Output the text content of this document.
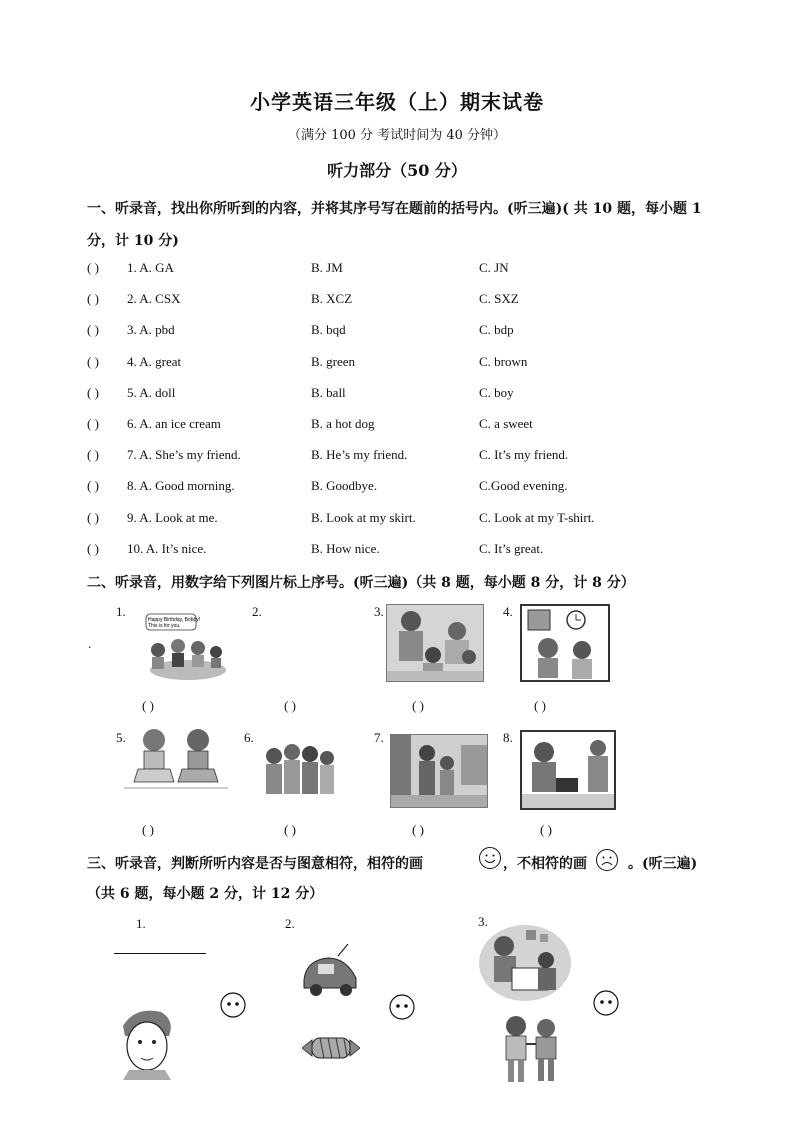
小学英语三年级（上）期末试卷
（满分 100 分 考试时间为 40 分钟）
听力部分（50 分）
一、听录音，找出你所听到的内容，并将其序号写在题前的括号内。(听三遍)( 共 10 题，每小题 1
分，计 10 分)
( ) 1. A. GA	B. JM	C. JN
( ) 2. A. CSX	B. XCZ	C. SXZ
( ) 3. A. pbd	B. bqd	C. bdp
( ) 4. A. great	B. green	C. brown
( ) 5. A. doll	B. ball	C. boy
( ) 6. A. an ice cream	B. a hot dog	C. a sweet
( ) 7. A. She’s my friend.	B. He’s my friend.	C. It’s my friend.
( ) 8. A. Good morning.	B. Goodbye.	C.Good evening.
( ) 9. A. Look at me.	B. Look at my skirt.	C. Look at my T-shirt.
( ) 10. A. It’s nice.	B. How nice.	C. It’s great.
二、听录音，用数字给下列图片标上序号。(听三遍)（共 8 题，每小题 8 分，计 8 分）
.
1.	2.	3.	4.
5.	6.	7.	8.
Happy Birthday, Bobby!
This is for you.
( )	( )	( )	( )
( )	( )	( )	( )
三、听录音，判断所听内容是否与图意相符，相符的画	，不相符的画	。(听三遍)
（共 6 题，每小题 2 分，计 12 分）
1.	2.	3.
